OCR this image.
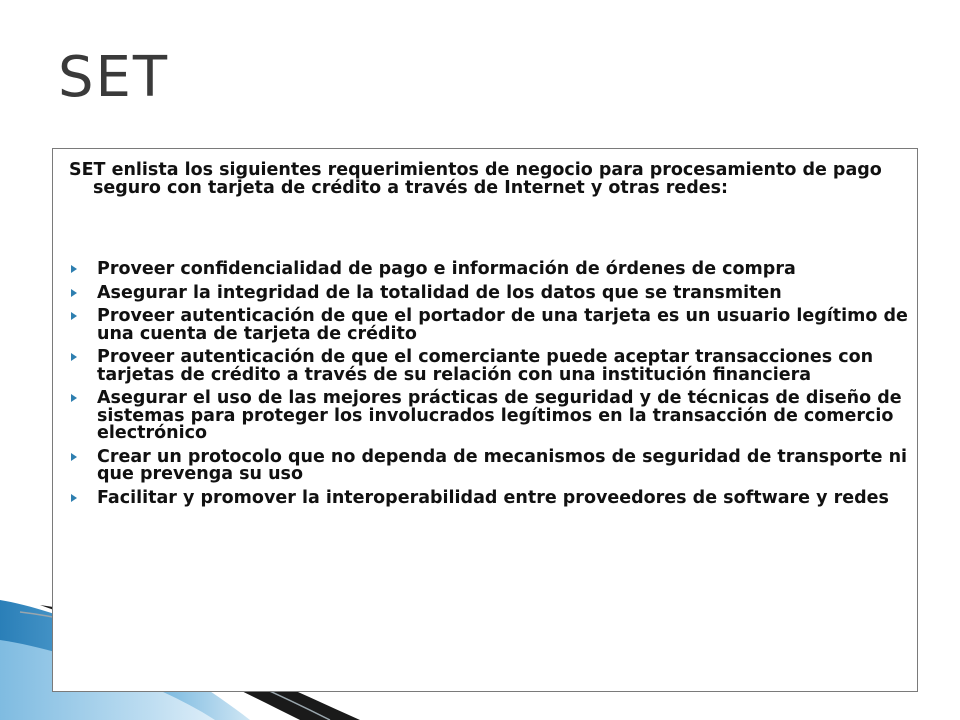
SET

SET enlista los siguientes requerimientos de negocio para procesamiento de pago seguro con tarjeta de crédito a través de Internet y otras redes:

Proveer confidencialidad de pago e información de órdenes de compra
Asegurar la integridad de la totalidad de los datos que se transmiten
Proveer autenticación de que el portador de una tarjeta es un usuario legítimo de una cuenta de tarjeta de crédito
Proveer autenticación de que el comerciante puede aceptar transacciones con tarjetas de crédito a través de su relación con una institución financiera
Asegurar el uso de las mejores prácticas de seguridad y de técnicas de diseño de sistemas para proteger los involucrados legítimos en la transacción de comercio electrónico
Crear un protocolo que no dependa de mecanismos de seguridad de transporte ni que prevenga su uso
Facilitar y promover la interoperabilidad entre proveedores de software y redes
